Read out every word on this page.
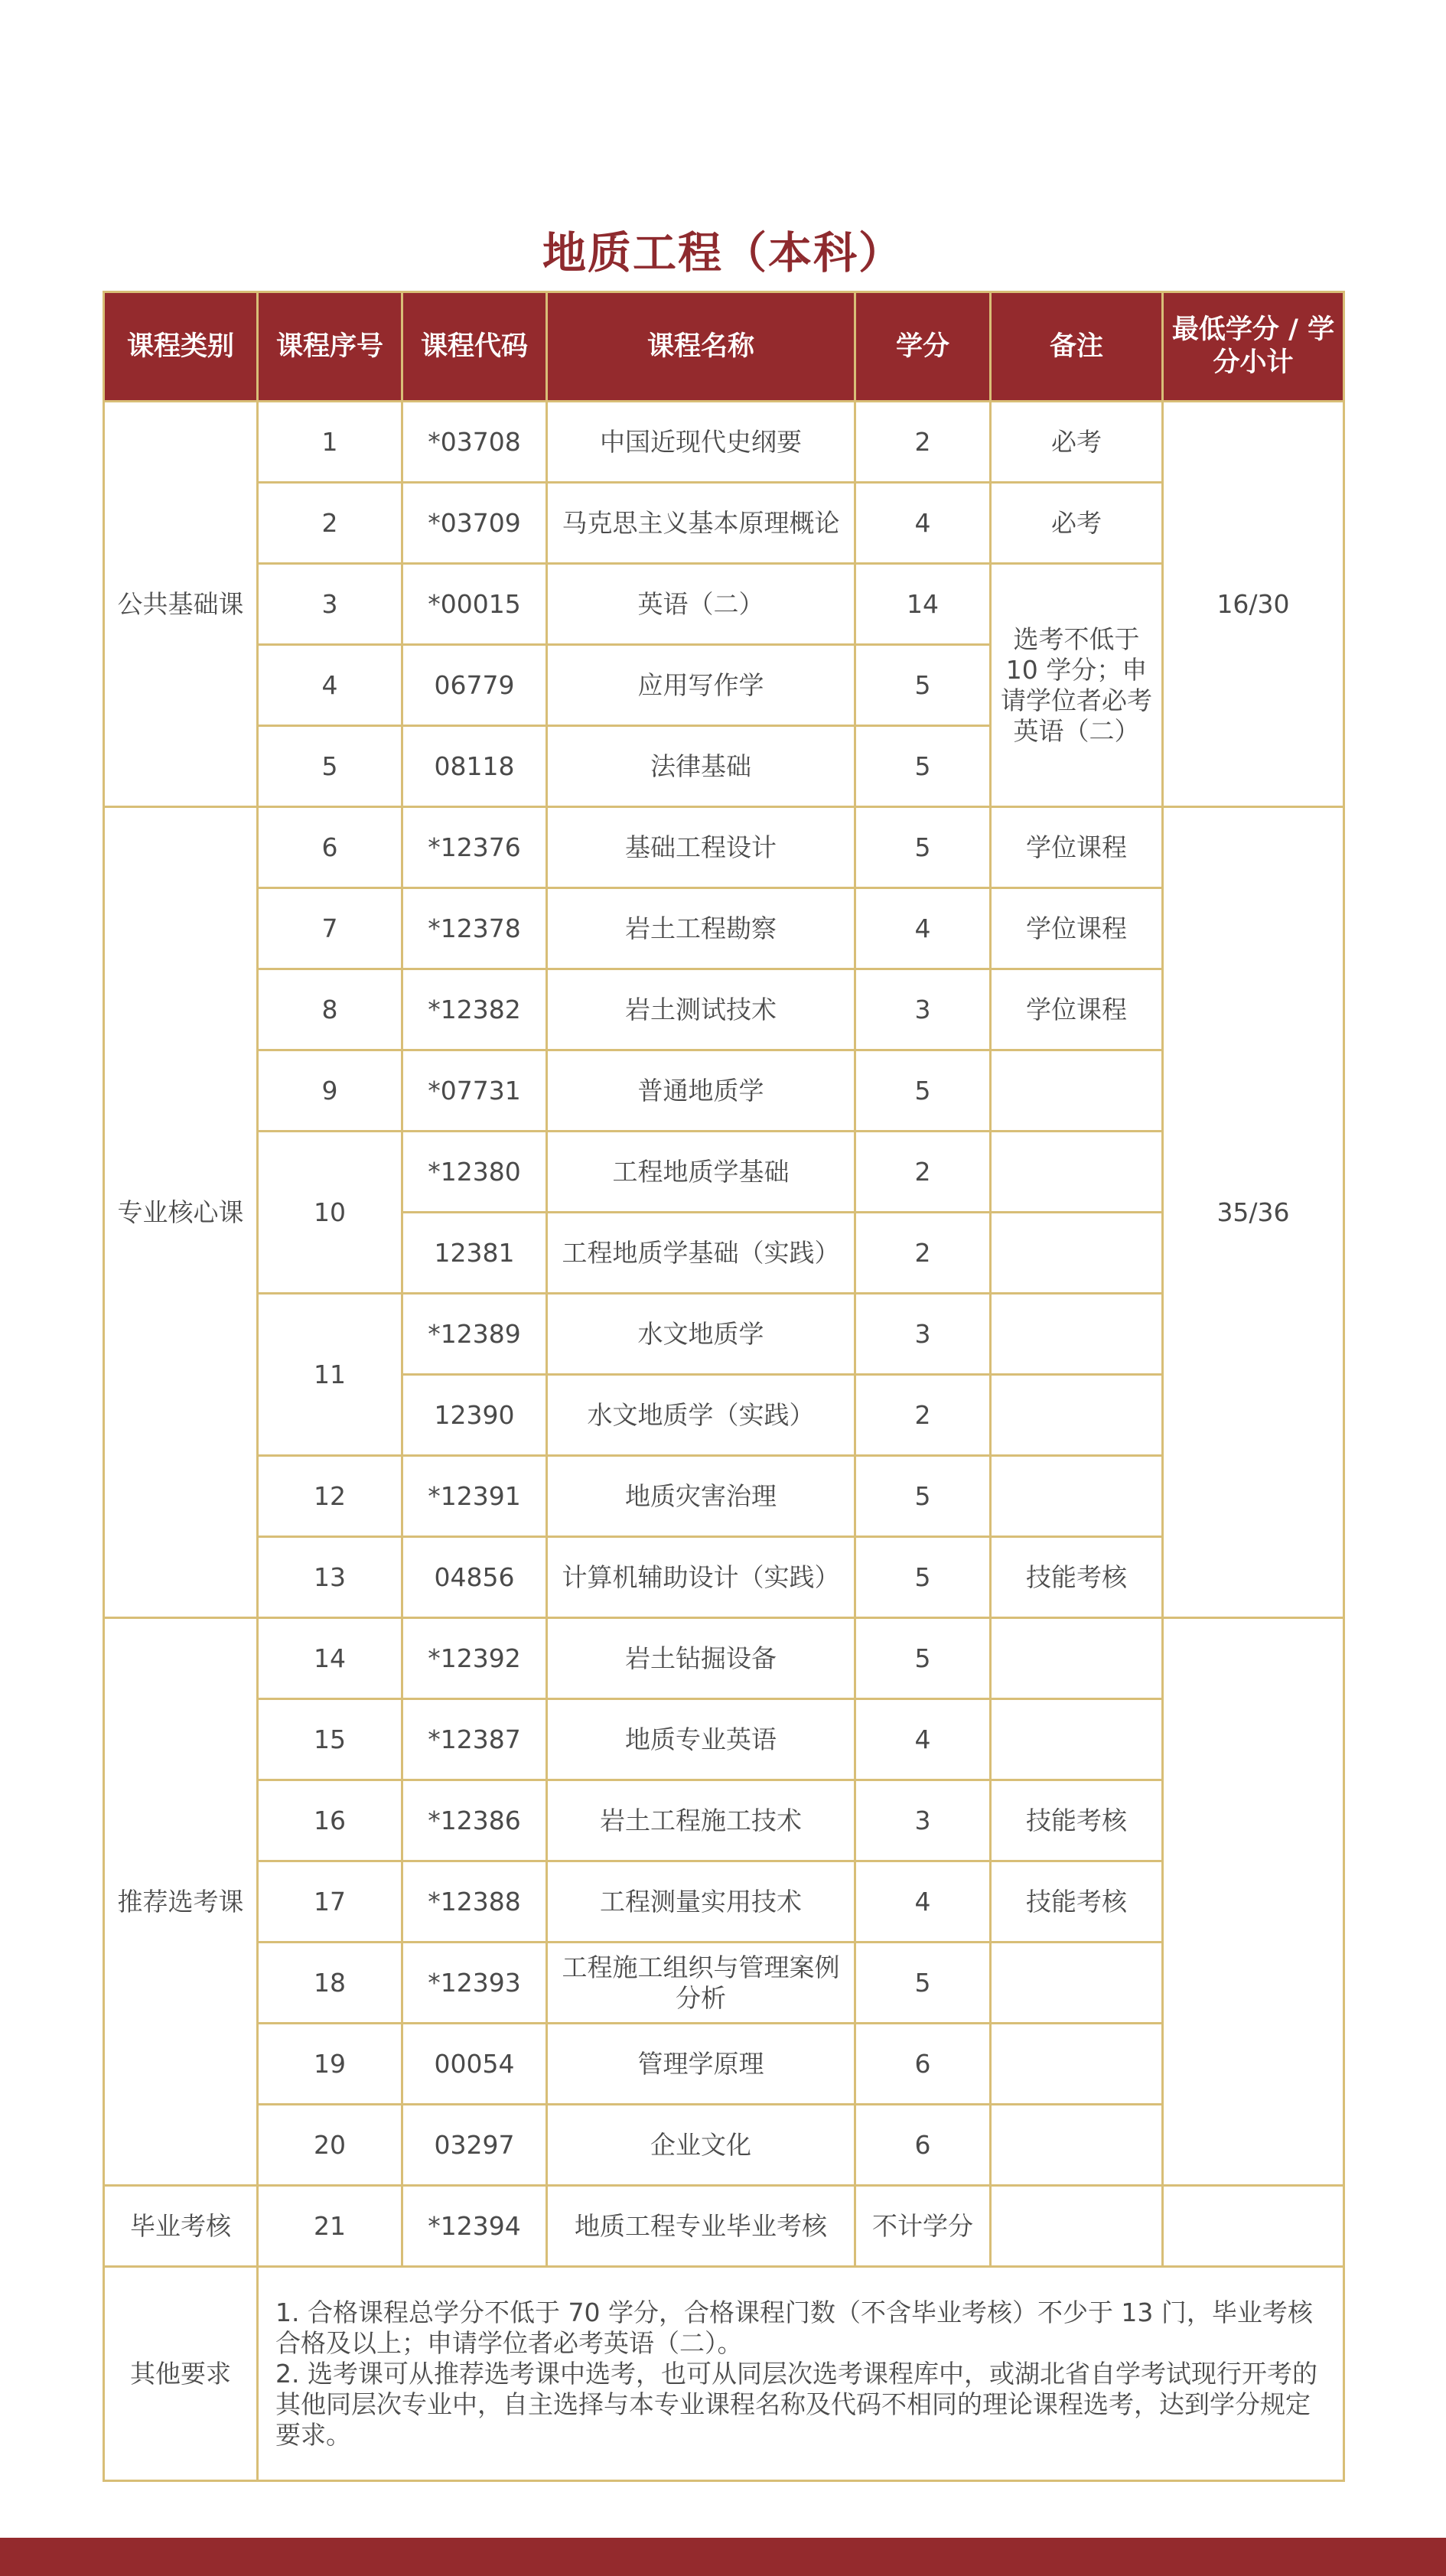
地质工程（本科）
课程类别	课程序号	课程代码	课程名称	学分	备注	最低学分 / 学分小计
公共基础课	1	*03708	中国近现代史纲要	2	必考	16/30
	2	*03709	马克思主义基本原理概论	4	必考	
	3	*00015	英语（二）	14	选考不低于 10 学分；申请学位者必考英语（二）	
	4	06779	应用写作学	5		
	5	08118	法律基础	5		
专业核心课	6	*12376	基础工程设计	5	学位课程	35/36
	7	*12378	岩土工程勘察	4	学位课程	
	8	*12382	岩土测试技术	3	学位课程	
	9	*07731	普通地质学	5		
	10	*12380	工程地质学基础	2		
		12381	工程地质学基础（实践）	2		
	11	*12389	水文地质学	3		
		12390	水文地质学（实践）	2		
	12	*12391	地质灾害治理	5		
	13	04856	计算机辅助设计（实践）	5	技能考核	
推荐选考课	14	*12392	岩土钻掘设备	5		
	15	*12387	地质专业英语	4		
	16	*12386	岩土工程施工技术	3	技能考核	
	17	*12388	工程测量实用技术	4	技能考核	
	18	*12393	工程施工组织与管理案例分析	5		
	19	00054	管理学原理	6		
	20	03297	企业文化	6		
毕业考核	21	*12394	地质工程专业毕业考核	不计学分		
其他要求	1. 合格课程总学分不低于 70 学分，合格课程门数（不含毕业考核）不少于 13 门，毕业考核合格及以上；申请学位者必考英语（二）。

2. 选考课可从推荐选考课中选考，也可从同层次选考课程库中，或湖北省自学考试现行开考的其他同层次专业中，自主选择与本专业课程名称及代码不相同的理论课程选考，达到学分规定要求。					
